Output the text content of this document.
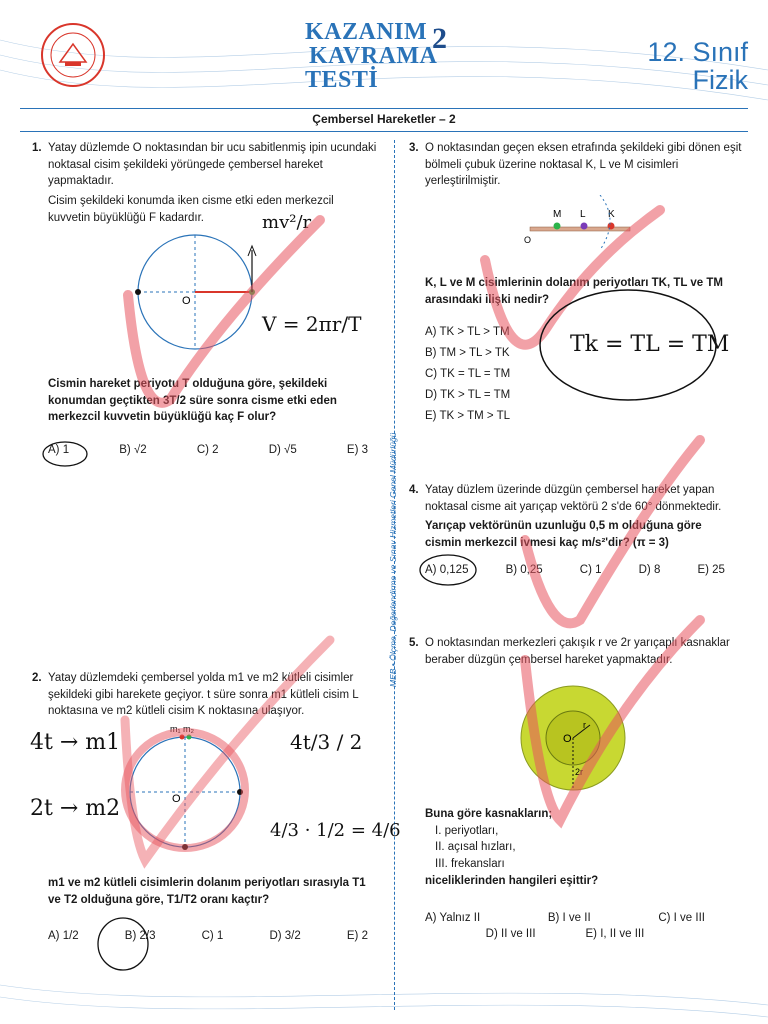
KAZANIM
KAVRAMA
TESTİ
2	12. Sınıf
Fizik
Çembersel Hareketler – 2
MEB • Ölçme, Değerlendirme ve Sınav Hizmetleri Genel Müdürlüğü
1. Yatay düzlemde O noktasından bir ucu sabitlenmiş ipin ucundaki noktasal cisim şekildeki yörüngede çembersel hareket yapmaktadır.
Cisim şekildeki konumda iken cisme etki eden merkezcil kuvvetin büyüklüğü F kadardır.
O
Cismin hareket periyotu T olduğuna göre, şekildeki konumdan geçtikten 3T/2 süre sonra cisme etki eden merkezcil kuvvetin büyüklüğü kaç F olur?
A) 1	B) √2	C) 2	D) √5	E) 3
2. Yatay düzlemdeki çembersel yolda m1 ve m2 kütleli cisimler şekildeki gibi harekete geçiyor. t süre sonra m1 kütleli cisim L noktasına ve m2 kütleli cisim K noktasına ulaşıyor.
m₁ m₂
O
m1 ve m2 kütleli cisimlerin dolanım periyotları sırasıyla T1 ve T2 olduğuna göre, T1/T2 oranı kaçtır?
A) 1/2	B) 2/3	C) 1	D) 3/2	E) 2
3. O noktasından geçen eksen etrafında şekildeki gibi dönen eşit bölmeli çubuk üzerine noktasal K, L ve M cisimleri yerleştirilmiştir.
M L K
O
K, L ve M cisimlerinin dolanım periyotları TK, TL ve TM arasındaki ilişki nedir?
A) TK > TL > TM
B) TM > TL > TK
C) TK = TL = TM
D) TK > TL = TM
E) TK > TM > TL
4. Yatay düzlem üzerinde düzgün çembersel hareket yapan noktasal cisme ait yarıçap vektörü 2 s'de 60° dönmektedir.
Yarıçap vektörünün uzunluğu 0,5 m olduğuna göre cismin merkezcil ivmesi kaç m/s²'dir? (π = 3)
A) 0,125	B) 0,25	C) 1	D) 8	E) 25
5. O noktasından merkezleri çakışık r ve 2r yarıçaplı kasnaklar beraber düzgün çembersel hareket yapmaktadır.
O
r
2r
Buna göre kasnakların;
I. periyotları,
II. açısal hızları,
III. frekansları
niceliklerinden hangileri eşittir?
A) Yalnız II	B) I ve II	C) I ve III
D) II ve III	E) I, II ve III
mv²/r
V = 2πr/T
Tk = TL = TM
4t → m1
2t → m2
4t/3 / 2
4/3 · 1/2 = 4/6
